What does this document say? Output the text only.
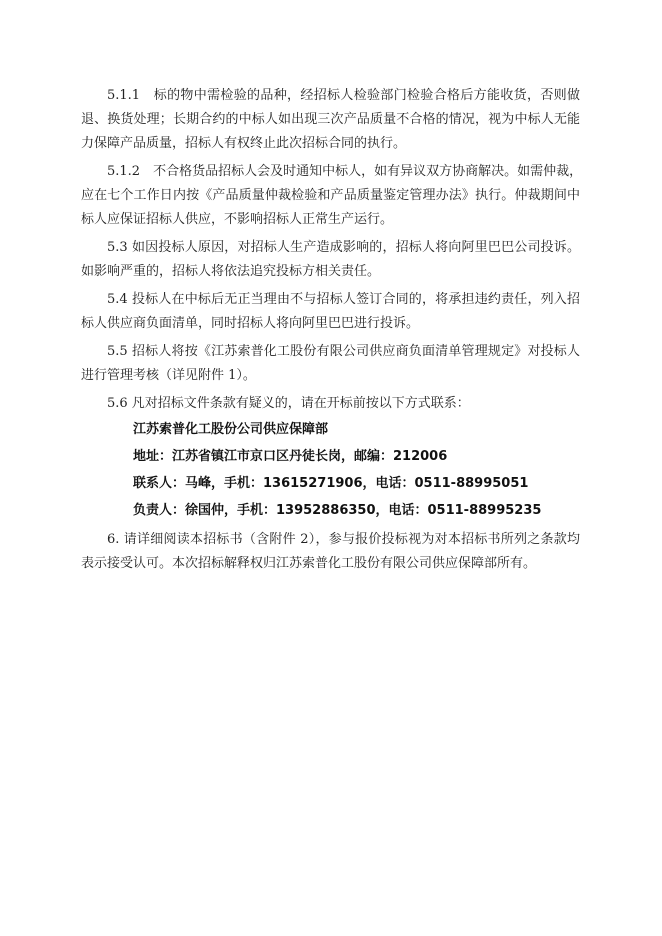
5.1.1　标的物中需检验的品种，经招标人检验部门检验合格后方能收货，否则做
退、换货处理；长期合约的中标人如出现三次产品质量不合格的情况，视为中标人无能
力保障产品质量，招标人有权终止此次招标合同的执行。
5.1.2　不合格货品招标人会及时通知中标人，如有异议双方协商解决。如需仲裁，
应在七个工作日内按《产品质量仲裁检验和产品质量鉴定管理办法》执行。仲裁期间中
标人应保证招标人供应，不影响招标人正常生产运行。
5.3 如因投标人原因，对招标人生产造成影响的，招标人将向阿里巴巴公司投诉。
如影响严重的，招标人将依法追究投标方相关责任。
5.4 投标人在中标后无正当理由不与招标人签订合同的，将承担违约责任，列入招
标人供应商负面清单，同时招标人将向阿里巴巴进行投诉。
5.5 招标人将按《江苏索普化工股份有限公司供应商负面清单管理规定》对投标人
进行管理考核（详见附件 1）。
5.6 凡对招标文件条款有疑义的，请在开标前按以下方式联系：
江苏索普化工股份公司供应保障部
地址：江苏省镇江市京口区丹徒长岗，邮编：212006
联系人：马峰，手机：13615271906，电话：0511-88995051
负责人：徐国仲，手机：13952886350，电话：0511-88995235
6. 请详细阅读本招标书（含附件 2），参与报价投标视为对本招标书所列之条款均
表示接受认可。本次招标解释权归江苏索普化工股份有限公司供应保障部所有。
